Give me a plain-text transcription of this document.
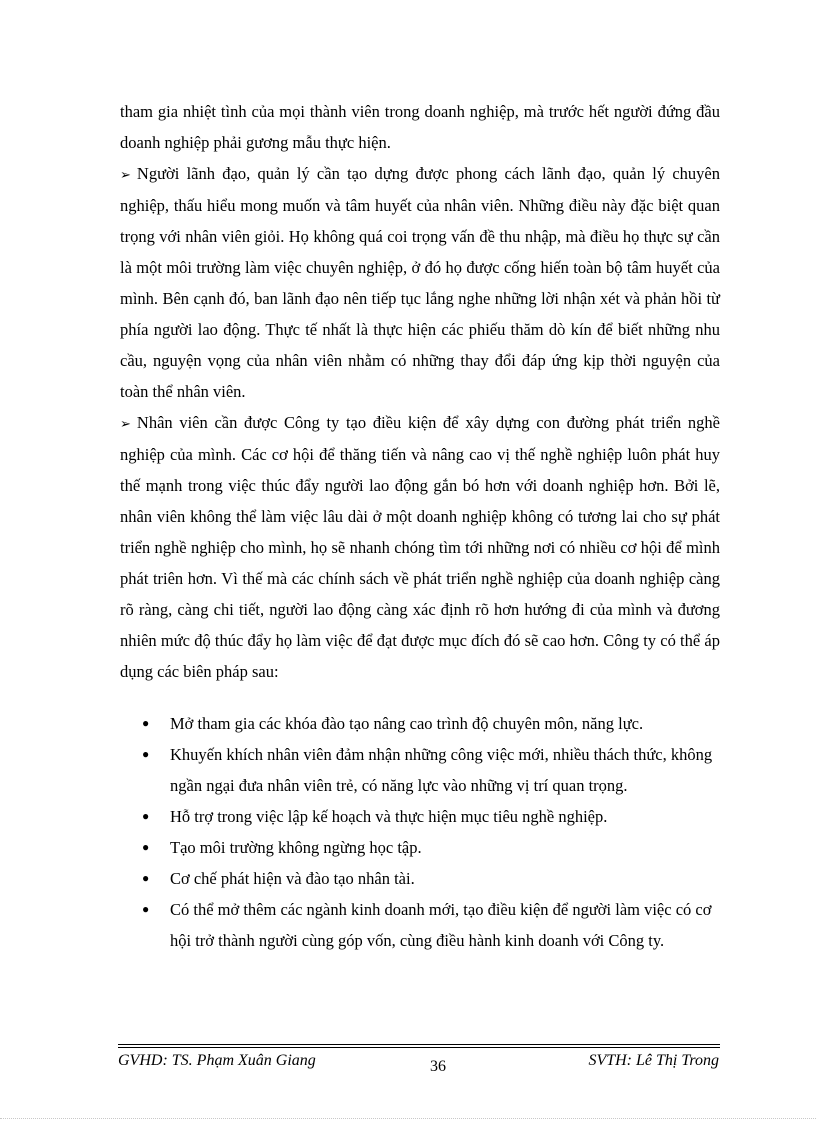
tham gia nhiệt tình của mọi thành viên trong doanh nghiệp, mà trước hết người đứng đầu doanh nghiệp phải gương mẫu thực hiện.

➢ Người lãnh đạo, quản lý cần tạo dựng được phong cách lãnh đạo, quản lý chuyên nghiệp, thấu hiểu mong muốn và tâm huyết của nhân viên. Những điều này đặc biệt quan trọng với nhân viên giỏi. Họ không quá coi trọng vấn đề thu nhập, mà điều họ thực sự cần là một môi trường làm việc chuyên nghiệp, ở đó họ được cống hiến toàn bộ tâm huyết của mình. Bên cạnh đó, ban lãnh đạo nên tiếp tục lắng nghe những lời nhận xét và phản hồi từ phía người lao động. Thực tế nhất là thực hiện các phiếu thăm dò kín để biết những nhu cầu, nguyện vọng của nhân viên nhằm có những thay đổi đáp ứng kịp thời nguyện của toàn thể nhân viên.

➢ Nhân viên cần được Công ty tạo điều kiện để xây dựng con đường phát triển nghề nghiệp của mình. Các cơ hội để thăng tiến và nâng cao vị thế nghề nghiệp luôn phát huy thế mạnh trong việc thúc đẩy người lao động gắn bó hơn với doanh nghiệp hơn. Bởi lẽ, nhân viên không thể làm việc lâu dài ở một doanh nghiệp không có tương lai cho sự phát triển nghề nghiệp cho mình, họ sẽ nhanh chóng tìm tới những nơi có nhiều cơ hội để mình phát triên hơn. Vì thế mà các chính sách về phát triển nghề nghiệp của doanh nghiệp càng rõ ràng, càng chi tiết, người lao động càng xác định rõ hơn hướng đi của mình và đương nhiên mức độ thúc đẩy họ làm việc để đạt được mục đích đó sẽ cao hơn. Công ty có thể áp dụng các biên pháp sau:

● Mở tham gia các khóa đào tạo nâng cao trình độ chuyên môn, năng lực.
● Khuyến khích nhân viên đảm nhận những công việc mới, nhiều thách thức, không ngần ngại đưa nhân viên trẻ, có năng lực vào những vị trí quan trọng.
● Hỗ trợ trong việc lập kế hoạch và thực hiện mục tiêu nghề nghiệp.
● Tạo môi trường không ngừng học tập.
● Cơ chế phát hiện và đào tạo nhân tài.
● Có thể mở thêm các ngành kinh doanh mới, tạo điều kiện để người làm việc có cơ hội trở thành người cùng góp vốn, cùng điều hành kinh doanh với Công ty.
GVHD: TS. Phạm Xuân Giang	36	SVTH: Lê Thị Trong
